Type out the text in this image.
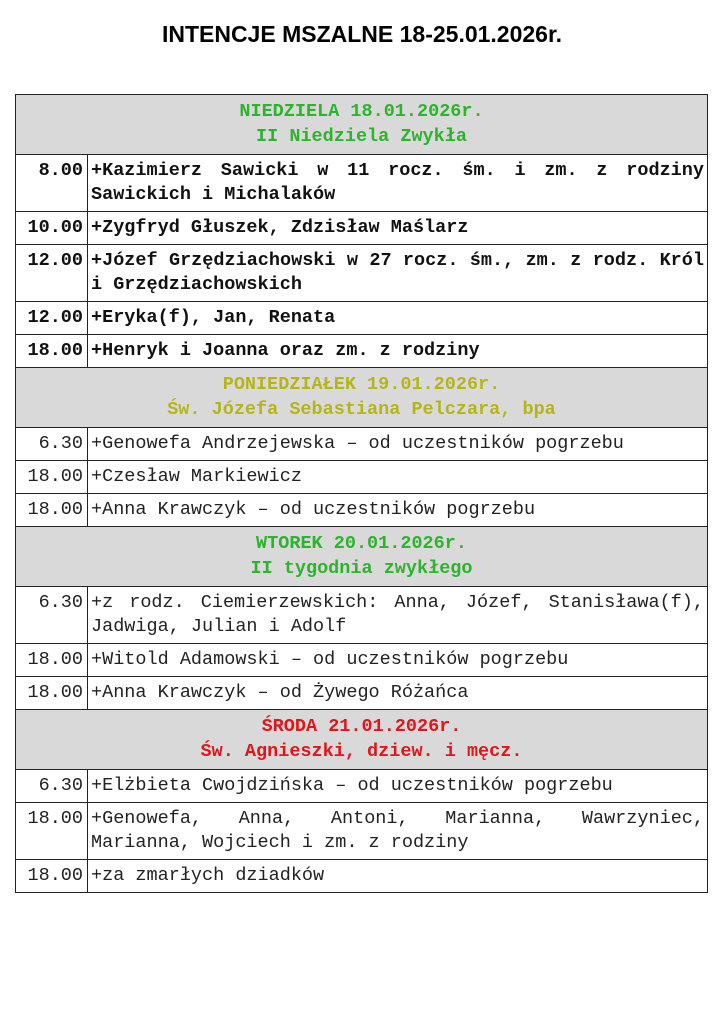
INTENCJE MSZALNE 18-25.01.2026r.
NIEDZIELA 18.01.2026r.
II Niedziela Zwykła	

8.00	+Kazimierz Sawicki w 11 rocz. śm. i zm. z rodziny Sawickich i Michalaków
10.00	+Zygfryd Głuszek, Zdzisław Maślarz
12.00	+Józef Grzędziachowski w 27 rocz. śm., zm. z rodz. Król i Grzędziachowskich
12.00	+Eryka(f), Jan, Renata
18.00	+Henryk i Joanna oraz zm. z rodziny

PONIEDZIAŁEK 19.01.2026r.
Św. Józefa Sebastiana Pelczara, bpa	

6.30	+Genowefa Andrzejewska – od uczestników pogrzebu
18.00	+Czesław Markiewicz
18.00	+Anna Krawczyk – od uczestników pogrzebu

WTOREK 20.01.2026r.
II tygodnia zwykłego	

6.30	+z rodz. Ciemierzewskich: Anna, Józef, Stanisława(f), Jadwiga, Julian i Adolf
18.00	+Witold Adamowski – od uczestników pogrzebu
18.00	+Anna Krawczyk – od Żywego Różańca

ŚRODA 21.01.2026r.
Św. Agnieszki, dziew. i męcz.	

6.30	+Elżbieta Cwojdzińska – od uczestników pogrzebu
18.00	+Genowefa, Anna, Antoni, Marianna, Wawrzyniec, Marianna, Wojciech i zm. z rodziny
18.00	+za zmarłych dziadków
